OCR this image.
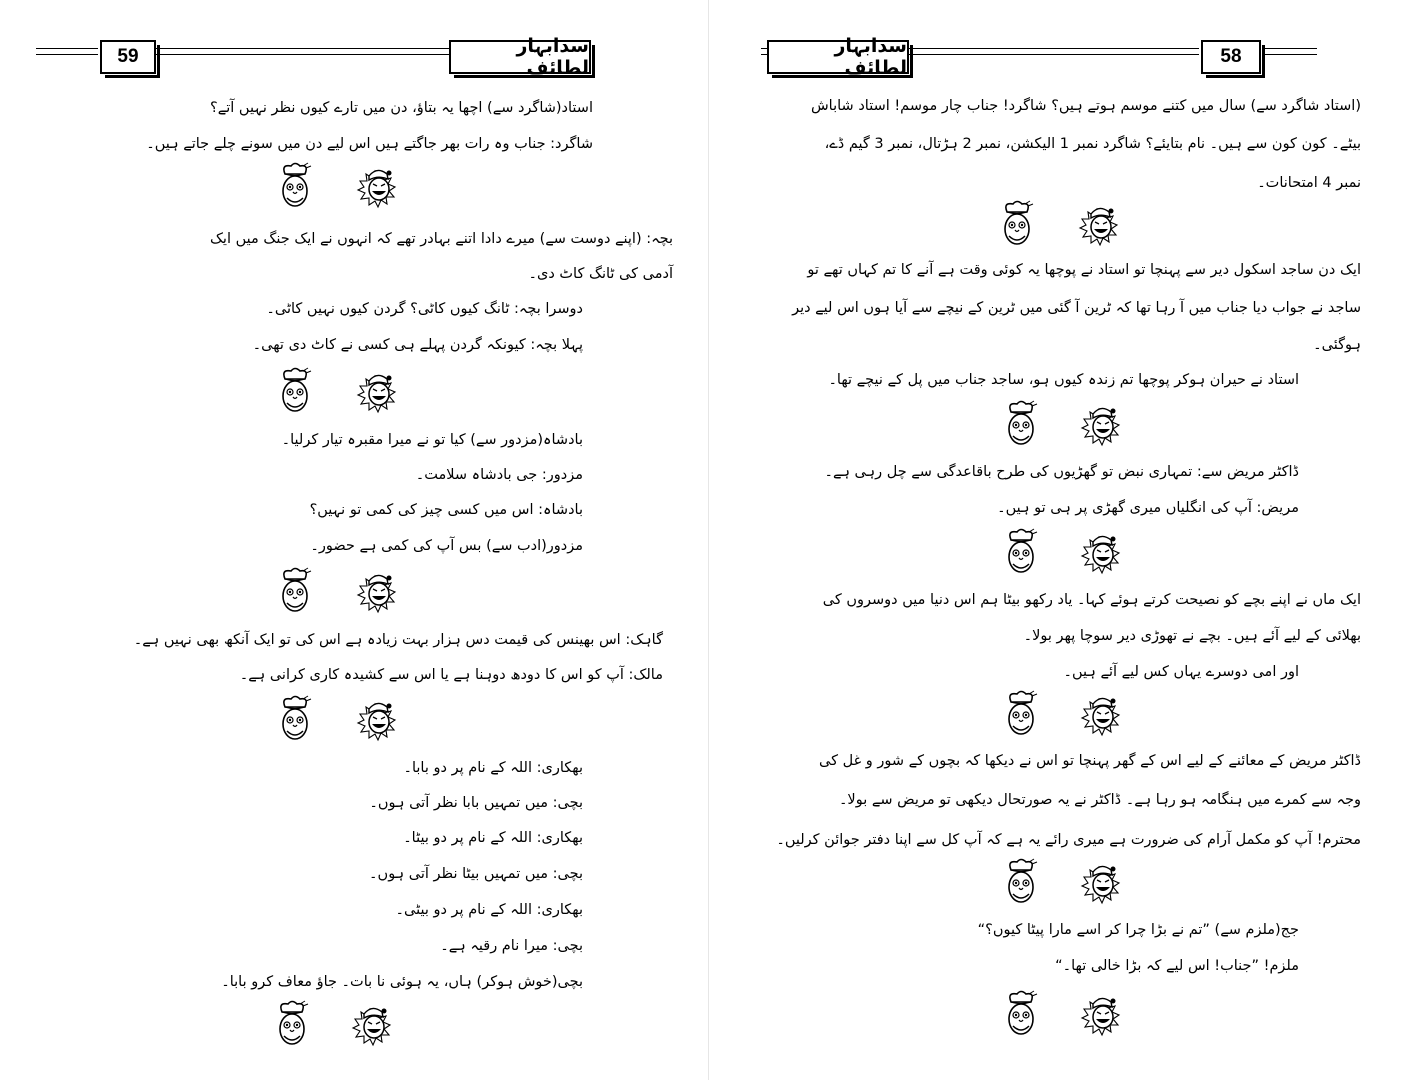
59	سدابہار لطائف
استاد(شاگرد سے) اچھا یہ بتاؤ، دن میں تارے کیوں نظر نہیں آتے؟
شاگرد: جناب وہ رات بھر جاگتے ہیں اس لیے دن میں سونے چلے جاتے ہیں۔
بچہ: (اپنے دوست سے) میرے دادا اتنے بہادر تھے کہ انہوں نے ایک جنگ میں ایک
آدمی کی ٹانگ کاٹ دی۔
دوسرا بچہ: ٹانگ کیوں کاٹی؟ گردن کیوں نہیں کاٹی۔
پہلا بچہ: کیونکہ گردن پہلے ہی کسی نے کاٹ دی تھی۔
بادشاہ(مزدور سے) کیا تو نے میرا مقبرہ تیار کرلیا۔
مزدور: جی بادشاہ سلامت۔
بادشاہ: اس میں کسی چیز کی کمی تو نہیں؟
مزدور(ادب سے) بس آپ کی کمی ہے حضور۔
گاہک: اس بھینس کی قیمت دس ہزار بہت زیادہ ہے اس کی تو ایک آنکھ بھی نہیں ہے۔
مالک: آپ کو اس کا دودھ دوہنا ہے یا اس سے کشیدہ کاری کرانی ہے۔
بھکاری: اللہ کے نام پر دو بابا۔
بچی: میں تمہیں بابا نظر آتی ہوں۔
بھکاری: اللہ کے نام پر دو بیٹا۔
بچی: میں تمہیں بیٹا نظر آتی ہوں۔
بھکاری: اللہ کے نام پر دو بیٹی۔
بچی: میرا نام رقیہ ہے۔
بچی(خوش ہوکر) ہاں، یہ ہوئی نا بات۔ جاؤ معاف کرو بابا۔
سدابہار لطائف
58
(استاد شاگرد سے) سال میں کتنے موسم ہوتے ہیں؟ شاگرد! جناب چار موسم! استاد شاباش
بیٹے۔ کون کون سے ہیں۔ نام بتایئے؟ شاگرد نمبر 1 الیکشن، نمبر 2 ہڑتال، نمبر 3 گیم ڈے،
نمبر 4 امتحانات۔
ایک دن ساجد اسکول دیر سے پہنچا تو استاد نے پوچھا یہ کوئی وقت ہے آنے کا تم کہاں تھے تو
ساجد نے جواب دیا جناب میں آ رہا تھا کہ ٹرین آ گئی میں ٹرین کے نیچے سے آیا ہوں اس لیے دیر
ہوگئی۔
استاد نے حیران ہوکر پوچھا تم زندہ کیوں ہو، ساجد جناب میں پل کے نیچے تھا۔
ڈاکٹر مریض سے: تمہاری نبض تو گھڑیوں کی طرح باقاعدگی سے چل رہی ہے۔
مریض: آپ کی انگلیاں میری گھڑی پر ہی تو ہیں۔
ایک ماں نے اپنے بچے کو نصیحت کرتے ہوئے کہا۔ یاد رکھو بیٹا ہم اس دنیا میں دوسروں کی
بھلائی کے لیے آئے ہیں۔ بچے نے تھوڑی دیر سوچا پھر بولا۔
اور امی دوسرے یہاں کس لیے آئے ہیں۔
ڈاکٹر مریض کے معائنے کے لیے اس کے گھر پہنچا تو اس نے دیکھا کہ بچوں کے شور و غل کی
وجہ سے کمرے میں ہنگامہ ہو رہا ہے۔ ڈاکٹر نے یہ صورتحال دیکھی تو مریض سے بولا۔
محترم! آپ کو مکمل آرام کی ضرورت ہے میری رائے یہ ہے کہ آپ کل سے اپنا دفتر جوائن کرلیں۔
جج(ملزم سے) ”تم نے بڑا چرا کر اسے مارا پیٹا کیوں؟“
ملزم! ”جناب! اس لیے کہ بڑا خالی تھا۔“
